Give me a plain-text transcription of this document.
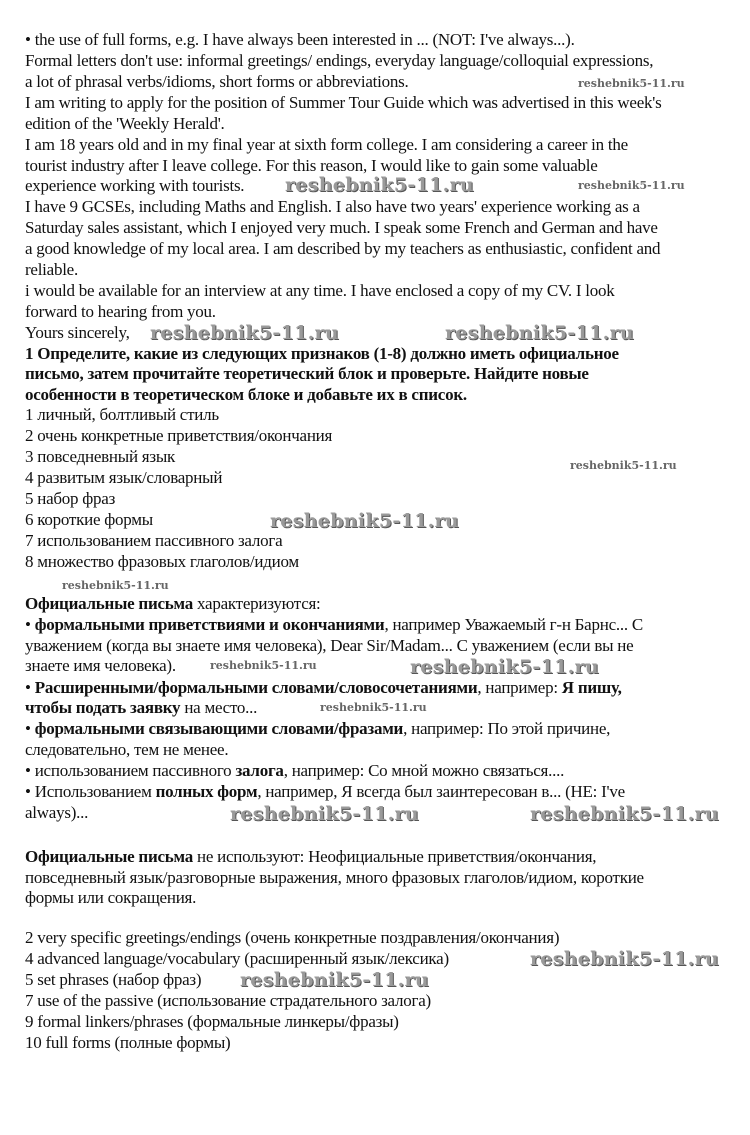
• the use of full forms, e.g. I have always been interested in ... (NOT: I've always...).
Formal letters don't use: informal greetings/ endings, everyday language/colloquial expressions,
a lot of phrasal verbs/idioms, short forms or abbreviations.
I am writing to apply for the position of Summer Tour Guide which was advertised in this week's
edition of the 'Weekly Herald'.
I am 18 years old and in my final year at sixth form college. I am considering a career in the
tourist industry after I leave college. For this reason, I would like to gain some valuable
experience working with tourists.
I have 9 GCSEs, including Maths and English. I also have two years' experience working as a
Saturday sales assistant, which I enjoyed very much. I speak some French and German and have
a good knowledge of my local area. I am described by my teachers as enthusiastic, confident and
reliable.
i would be available for an interview at any time. I have enclosed a copy of my CV. I look
forward to hearing from you.
Yours sincerely,
1 Определите, какие из следующих признаков (1-8) должно иметь официальное
письмо, затем прочитайте теоретический блок и проверьте. Найдите новые
особенности в теоретическом блоке и добавьте их в список.
1 личный, болтливый стиль
2 очень конкретные приветствия/окончания
3 повседневный язык
4 развитым язык/словарный
5 набор фраз
6 короткие формы
7 использованием пассивного залога
8 множество фразовых глаголов/идиом
Официальные письма характеризуются:
• формальными приветствиями и окончаниями, например Уважаемый г-н Барнс... С
уважением (когда вы знаете имя человека), Dear Sir/Madam... С уважением (если вы не
знаете имя человека).
• Расширенными/формальными словами/словосочетаниями, например: Я пишу,
чтобы подать заявку на место...
• формальными связывающими словами/фразами, например: По этой причине,
следовательно, тем не менее.
• использованием пассивного залога, например: Со мной можно связаться....
• Использованием полных форм, например, Я всегда был заинтересован в... (НЕ: I've
always)...
Официальные письма не используют: Неофициальные приветствия/окончания,
повседневный язык/разговорные выражения, много фразовых глаголов/идиом, короткие
формы или сокращения.
2 very specific greetings/endings (очень конкретные поздравления/окончания)
4 advanced language/vocabulary (расширенный язык/лексика)
5 set phrases (набор фраз)
7 use of the passive (использование страдательного залога)
9 formal linkers/phrases (формальные линкеры/фразы)
10 full forms (полные формы)
reshebnik5-11.ru
reshebnik5-11.ru
reshebnik5-11.ru
reshebnik5-11.ru
reshebnik5-11.ru
reshebnik5-11.ru
reshebnik5-11.ru
reshebnik5-11.ru	reshebnik5-11.ru
reshebnik5-11.ru
reshebnik5-11.ru
reshebnik5-11.ru	reshebnik5-11.ru
reshebnik5-11.ru
reshebnik5-11.ru
